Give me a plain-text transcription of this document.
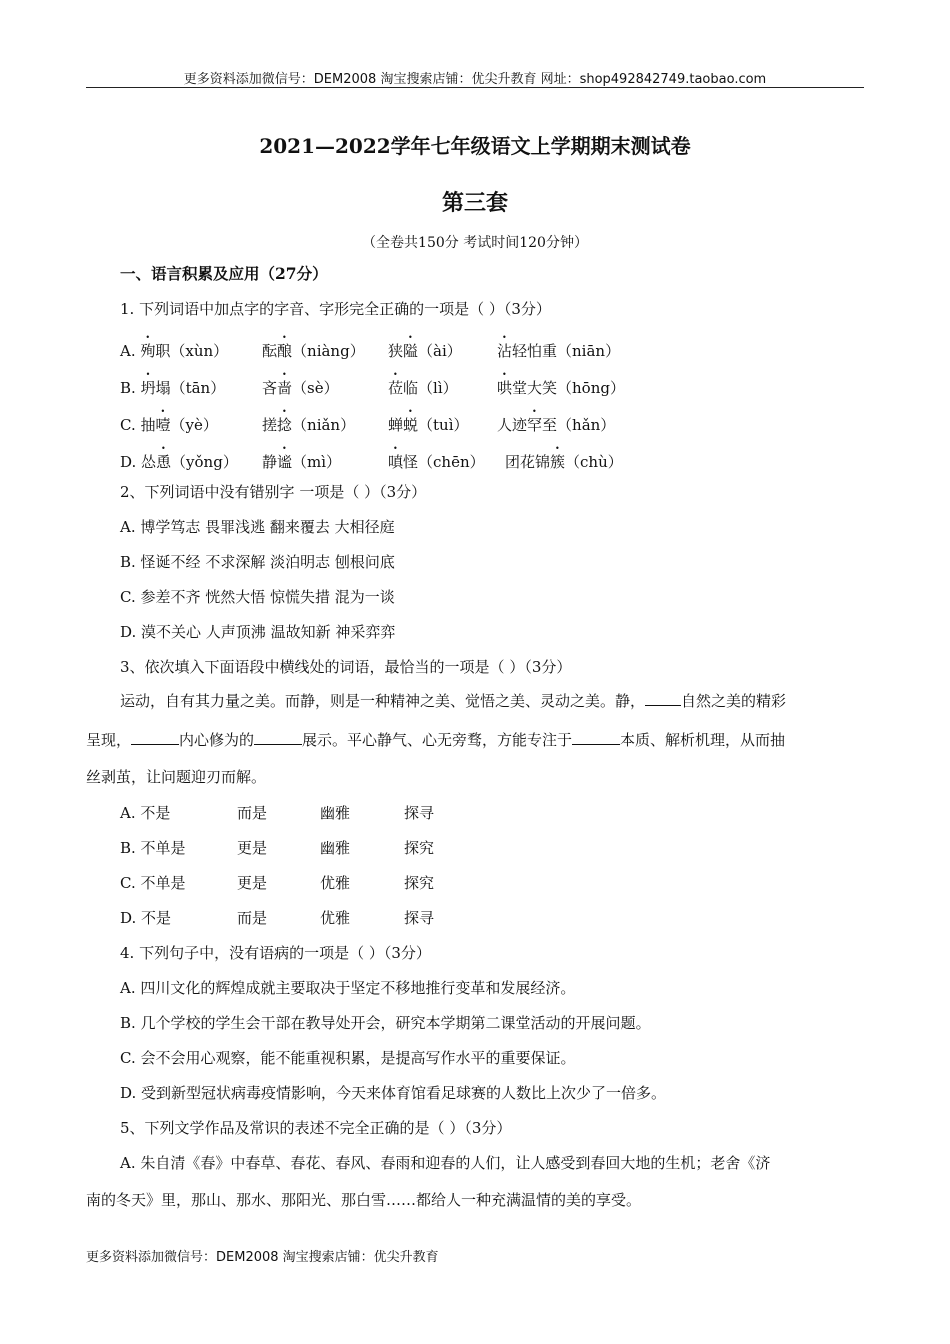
更多资料添加微信号：DEM2008 淘宝搜索店铺：优尖升教育 网址：shop492842749.taobao.com
2021—2022学年七年级语文上学期期末测试卷
第三套
（全卷共150分 考试时间120分钟）
一、语言积累及应用（27分）
1. 下列词语中加点字的字音、字形完全正确的一项是（ ）（3分）
A. 殉职（xùn） 酝酿（niàng） 狭隘（ài） 沾轻怕重（niān）
B. 坍塌（tān） 吝啬（sè）	莅临（lì）	哄堂大笑（hōng）
C. 抽噎（yè）	搓捻（niǎn） 蝉蜕（tuì） 人迹罕至（hǎn）
D. 怂恿（yǒng） 静谧（mì）	嗔怪（chēn） 团花锦簇（chù）
2、下列词语中没有错别字 一项是（ ）（3分）
A. 博学笃志 畏罪浅逃 翻来覆去 大相径庭
B. 怪诞不经 不求深解 淡泊明志 刨根问底
C. 参差不齐 恍然大悟 惊慌失措 混为一谈
D. 漠不关心 人声顶沸 温故知新 神采弈弈
3、依次填入下面语段中横线处的词语，最恰当的一项是（ ）（3分）
运动，自有其力量之美。而静，则是一种精神之美、觉悟之美、灵动之美。静， 自然之美的精彩
呈现，	内心修为的	展示。平心静气、心无旁骛，方能专注于	本质、解析机理，从而抽
丝剥茧，让问题迎刃而解。
A. 不是	而是	幽雅	探寻
B. 不单是	更是	幽雅	探究
C. 不单是	更是	优雅	探究
D. 不是	而是	优雅	探寻
4. 下列句子中，没有语病的一项是（ ）（3分）
A. 四川文化的辉煌成就主要取决于坚定不移地推行变革和发展经济。
B. 几个学校的学生会干部在教导处开会，研究本学期第二课堂活动的开展问题。
C. 会不会用心观察，能不能重视积累，是提高写作水平的重要保证。
D. 受到新型冠状病毒疫情影响，今天来体育馆看足球赛的人数比上次少了一倍多。
5、下列文学作品及常识的表述不完全正确的是（ ）（3分）
A. 朱自清《春》中春草、春花、春风、春雨和迎春的人们，让人感受到春回大地的生机；老舍《济
南的冬天》里，那山、那水、那阳光、那白雪……都给人一种充满温情的美的享受。
更多资料添加微信号：DEM2008 淘宝搜索店铺：优尖升教育
